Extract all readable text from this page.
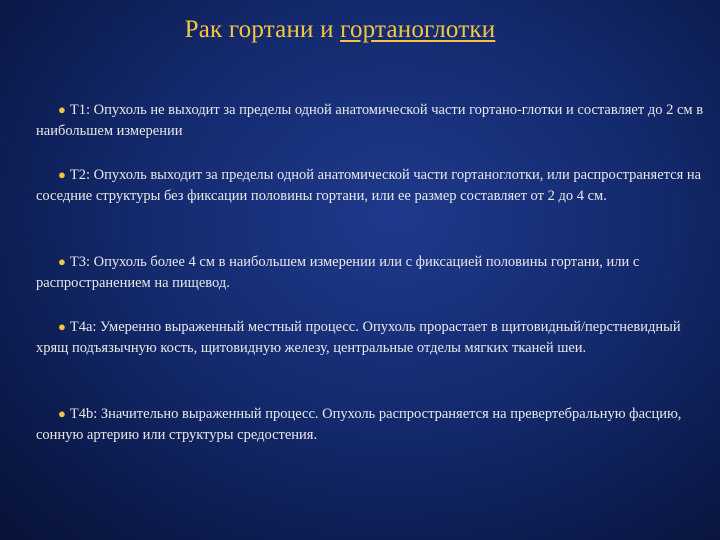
Рак гортани и гортаноглотки

● T1: Опухоль не выходит за пределы одной анатомической части гортано-глотки и составляет до 2 см в наибольшем измерении

● T2: Опухоль выходит за пределы одной анатомической части гортаноглотки, или распространяется на соседние структуры без фиксации половины гортани, или ее размер составляет от 2 до 4 см.

● T3: Опухоль более 4 см в наибольшем измерении или с фиксацией половины гортани, или с распространением на пищевод.

● T4a: Умеренно выраженный местный процесс. Опухоль прорастает в щитовидный/перстневидный хрящ подъязычную кость, щитовидную железу, центральные отделы мягких тканей шеи.

● T4b: Значительно выраженный процесс. Опухоль распространяется на превертебральную фасцию, сонную артерию или структуры средостения.
